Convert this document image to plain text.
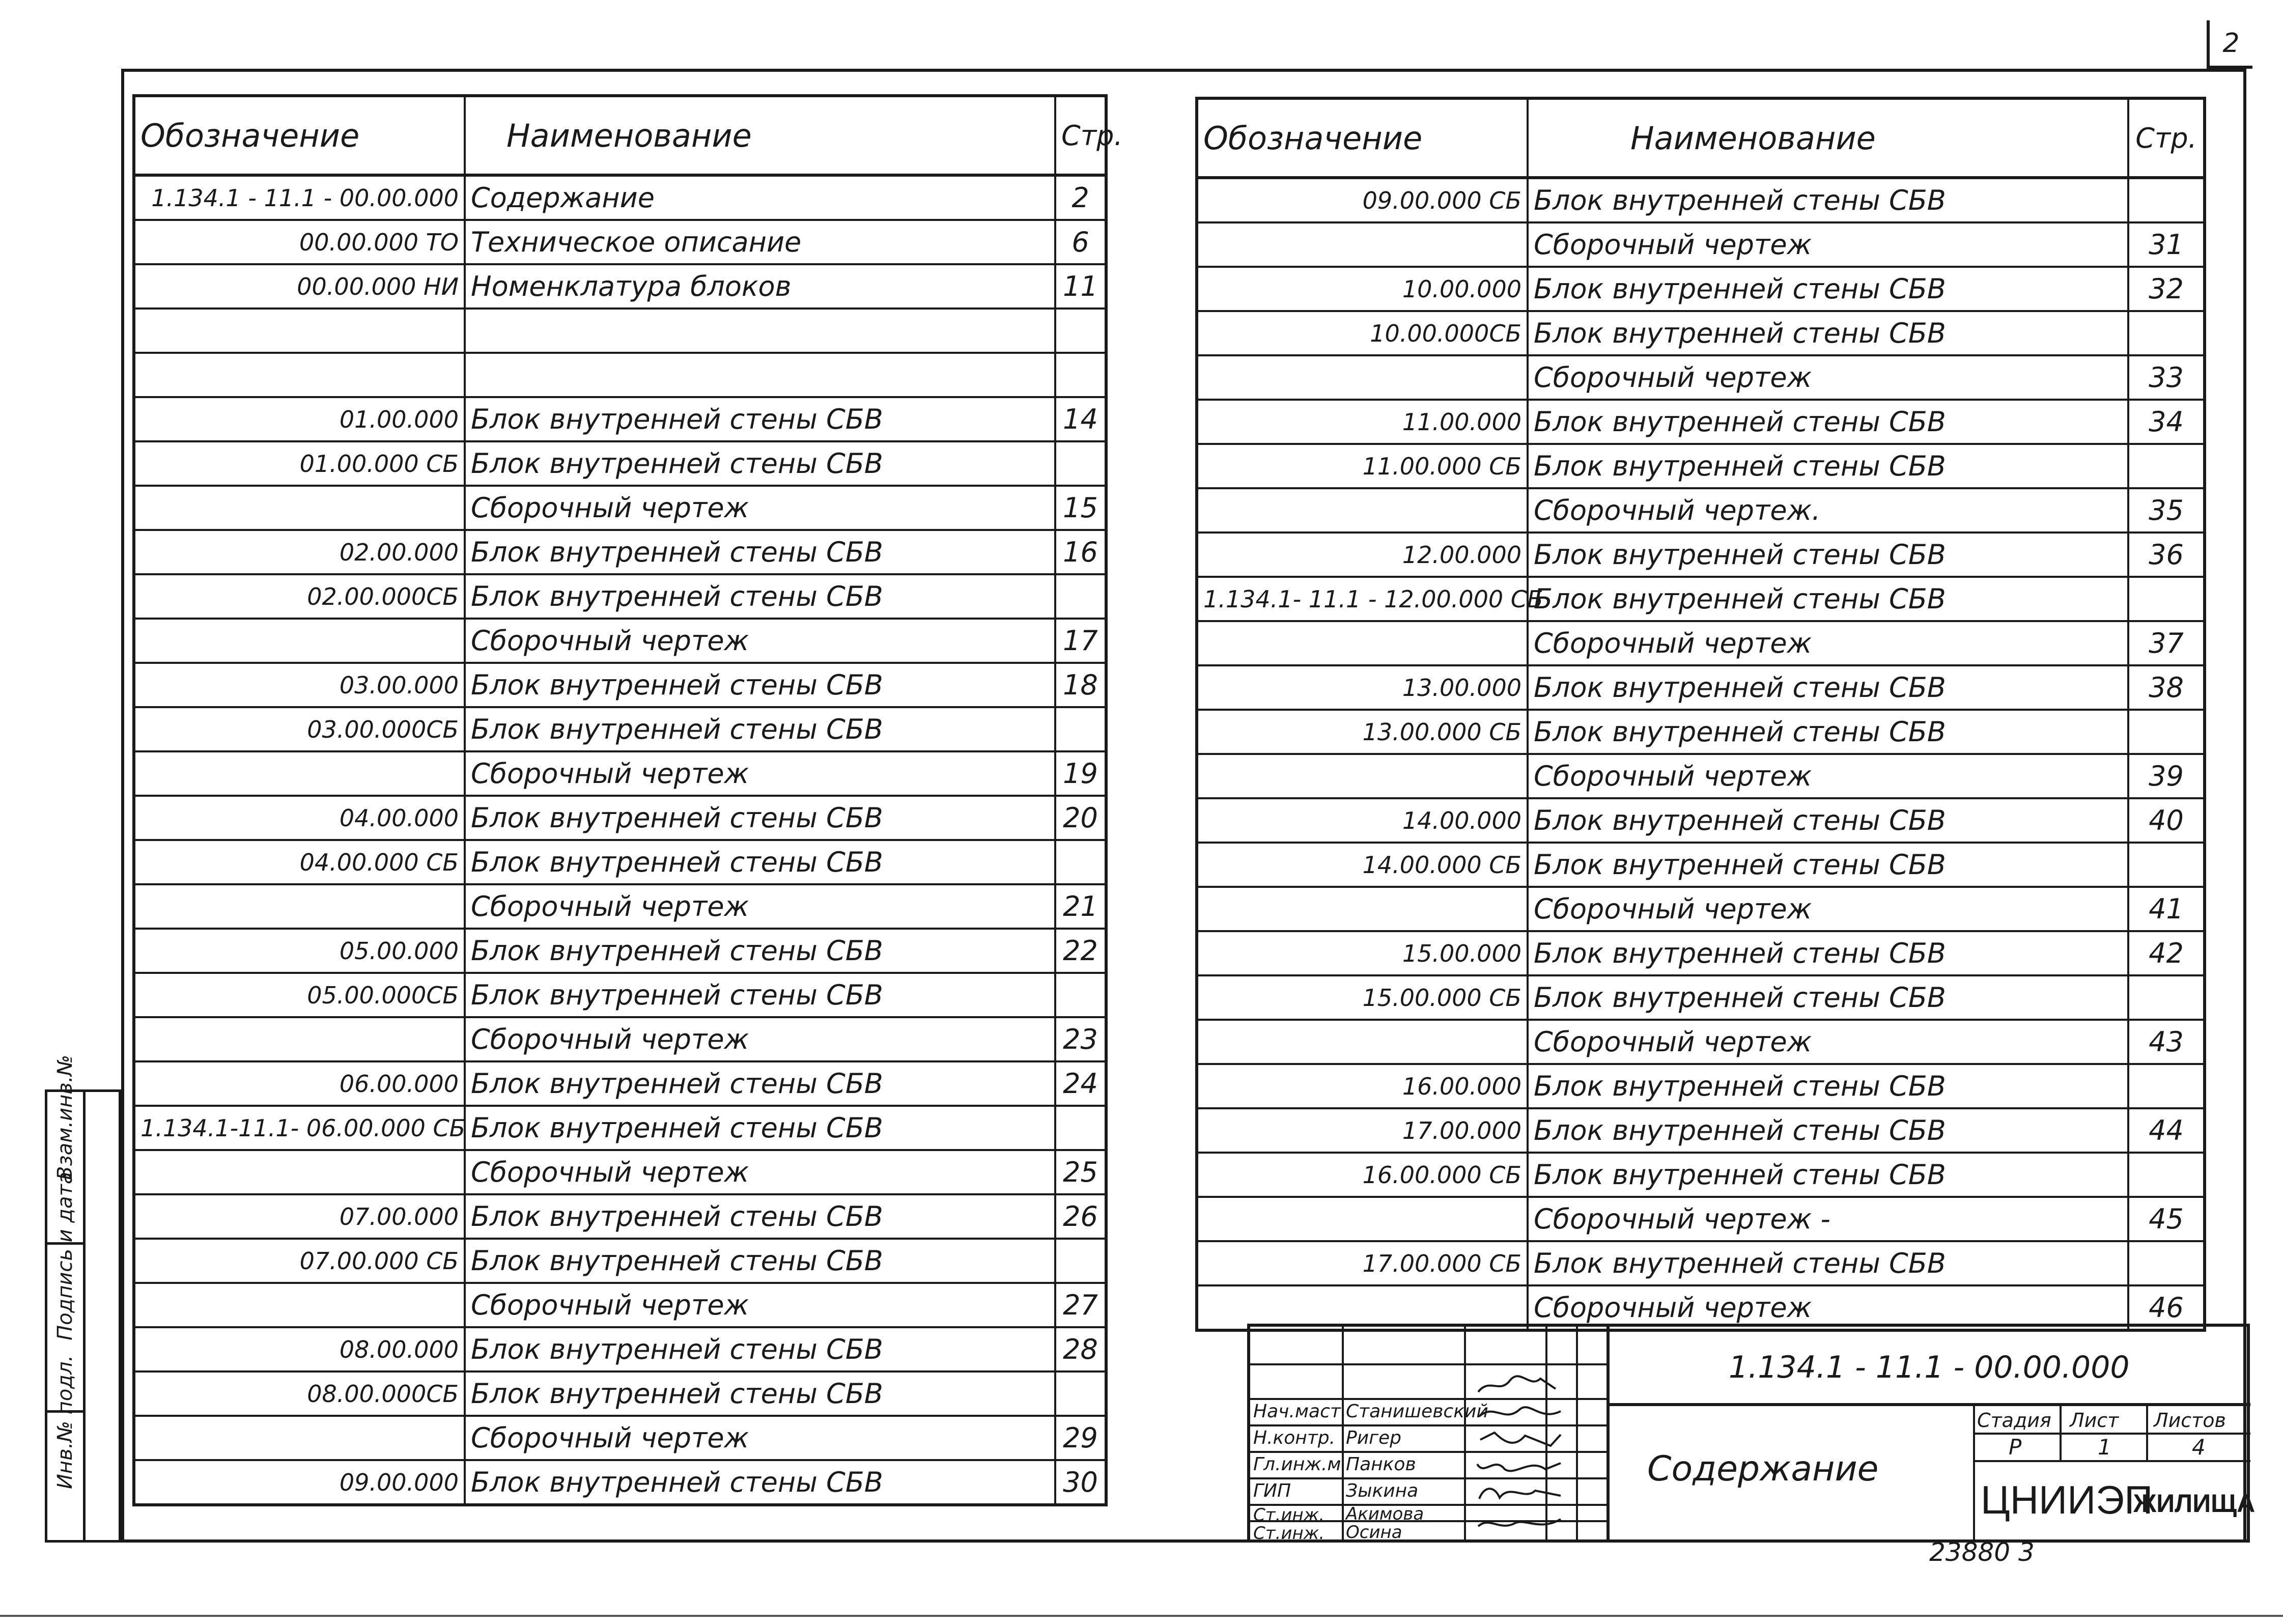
2
Взам.инв.№
Подпись и дата
Инв.№ подл.
Обозначение	Наименование	Стр.
1.134.1 - 11.1 - 00.00.000	Содержание	2
00.00.000 ТО	Техническое описание	6
00.00.000 НИ	Номенклатура блоков	11

01.00.000	Блок внутренней стены СБВ	14
01.00.000 СБ	Блок внутренней стены СБВ	
	Сборочный чертеж	15
02.00.000	Блок внутренней стены СБВ	16
02.00.000СБ	Блок внутренней стены СБВ	
	Сборочный чертеж	17
03.00.000	Блок внутренней стены СБВ	18
03.00.000СБ	Блок внутренней стены СБВ	
	Сборочный чертеж	19
04.00.000	Блок внутренней стены СБВ	20
04.00.000 СБ	Блок внутренней стены СБВ	
	Сборочный чертеж	21
05.00.000	Блок внутренней стены СБВ	22
05.00.000СБ	Блок внутренней стены СБВ	
	Сборочный чертеж	23
06.00.000	Блок внутренней стены СБВ	24
1.134.1-11.1- 06.00.000 СБ	Блок внутренней стены СБВ	
	Сборочный чертеж	25
07.00.000	Блок внутренней стены СБВ	26
07.00.000 СБ	Блок внутренней стены СБВ	
	Сборочный чертеж	27
08.00.000	Блок внутренней стены СБВ	28
08.00.000СБ	Блок внутренней стены СБВ	
	Сборочный чертеж	29
09.00.000	Блок внутренней стены СБВ	30
Обозначение	Наименование	Стр.
09.00.000 СБ	Блок внутренней стены СБВ	
	Сборочный чертеж	31
10.00.000	Блок внутренней стены СБВ	32
10.00.000СБ	Блок внутренней стены СБВ	
	Сборочный чертеж	33
11.00.000	Блок внутренней стены СБВ	34
11.00.000 СБ	Блок внутренней стены СБВ	
	Сборочный чертеж.	35
12.00.000	Блок внутренней стены СБВ	36
1.134.1- 11.1 - 12.00.000 СБ	Блок внутренней стены СБВ	
	Сборочный чертеж	37
13.00.000	Блок внутренней стены СБВ	38
13.00.000 СБ	Блок внутренней стены СБВ	
	Сборочный чертеж	39
14.00.000	Блок внутренней стены СБВ	40
14.00.000 СБ	Блок внутренней стены СБВ	
	Сборочный чертеж	41
15.00.000	Блок внутренней стены СБВ	42
15.00.000 СБ	Блок внутренней стены СБВ	
	Сборочный чертеж	43
16.00.000	Блок внутренней стены СБВ	
17.00.000	Блок внутренней стены СБВ	44
16.00.000 СБ	Блок внутренней стены СБВ	
	Сборочный чертеж -	45
17.00.000 СБ	Блок внутренней стены СБВ	
	Сборочный чертеж	46
Нач.маст.
Станишевский
Н.контр. Ригер
Гл.инж.м Панков
ГИП	Зыкина
Ст.инж. Акимова
Ст.инж. Осина
1.134.1 - 11.1 - 00.00.000
Содержание
Стадия Лист Листов
Р	1	4
ЦНИИЭП
ЖИЛИЩА
23880 3
